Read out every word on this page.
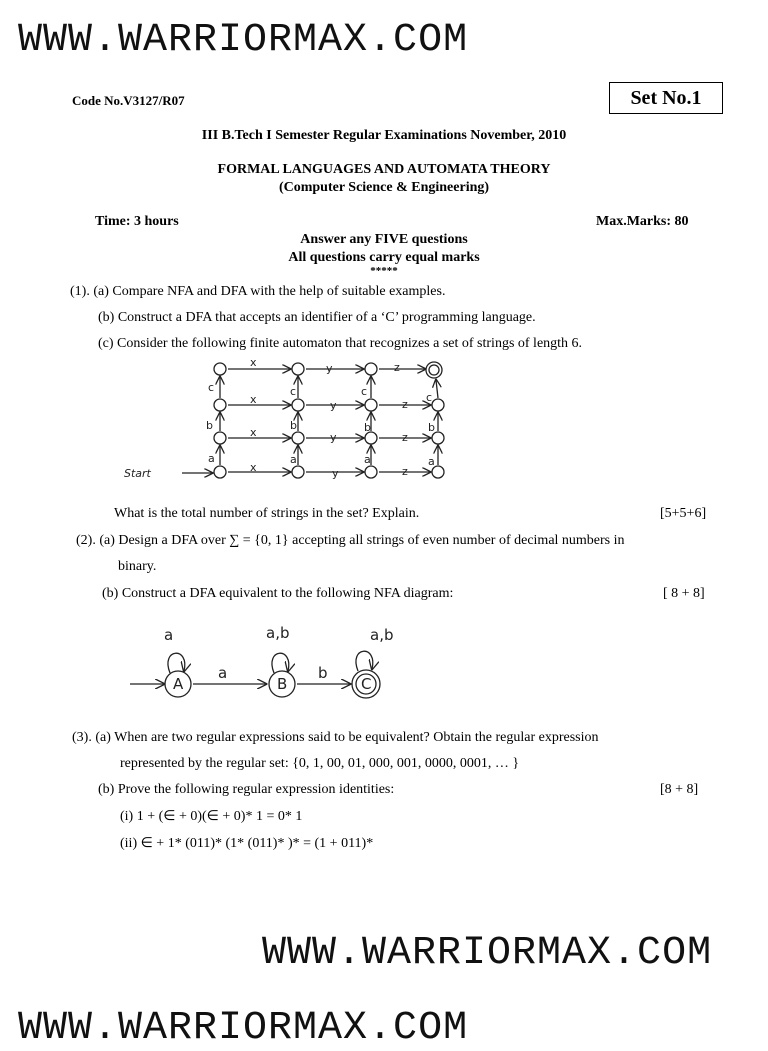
WWW.WARRIORMAX.COM
Code No.V3127/R07	Set No.1
III B.Tech I Semester Regular Examinations November, 2010
FORMAL LANGUAGES AND AUTOMATA THEORY
(Computer Science & Engineering)
Time: 3 hours	Max.Marks: 80
Answer any FIVE questions
All questions carry equal marks
*****
(1). (a) Compare NFA and DFA with the help of suitable examples.
(b) Construct a DFA that accepts an identifier of a ‘C’ programming language.
(c) Consider the following finite automaton that recognizes a set of strings of length 6.
x	y	z
x	y	z
x	y	z
x	y	z
c	c	c	c
b	b	b	b
a	a	a	a
Start
What is the total number of strings in the set? Explain.	[5+5+6]
(2). (a) Design a DFA over ∑ = {0, 1} accepting all strings of even number of decimal numbers in
binary.
(b) Construct a DFA equivalent to the following NFA diagram:	[ 8 + 8]
A	B	C
a	a,b	a,b
a	b
(3). (a) When are two regular expressions said to be equivalent? Obtain the regular expression
represented by the regular set: {0, 1, 00, 01, 000, 001, 0000, 0001, … }
(b) Prove the following regular expression identities:	[8 + 8]
(i) 1 + (∈ + 0)(∈ + 0)* 1 = 0* 1
(ii) ∈ + 1* (011)* (1* (011)* )* = (1 + 011)*
WWW.WARRIORMAX.COM
WWW.WARRIORMAX.COM
